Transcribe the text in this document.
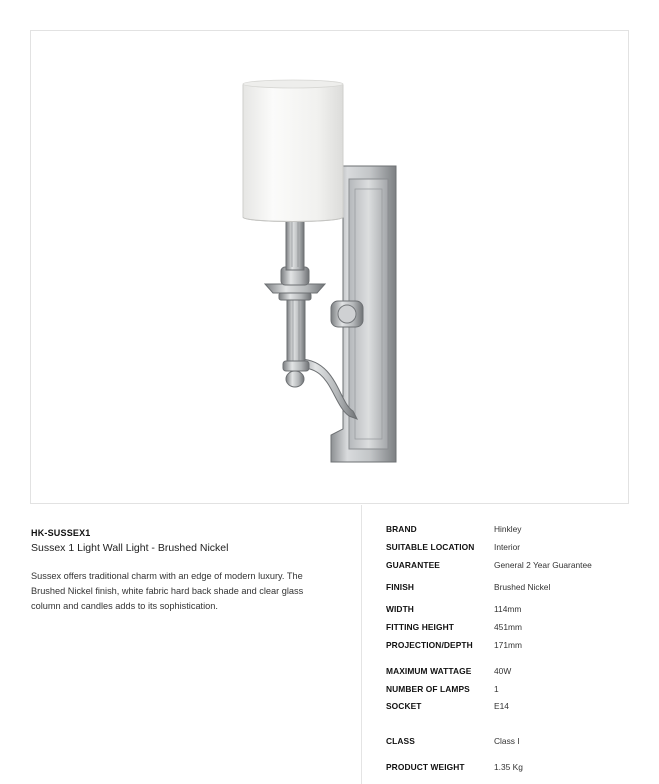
HK-SUSSEX1
Sussex 1 Light Wall Light - Brushed Nickel
Sussex offers traditional charm with an edge of modern luxury. The Brushed Nickel finish, white fabric hard back shade and clear glass column and candles adds to its sophistication.
BRAND	Hinkley
SUITABLE LOCATION Interior
GUARANTEE	General 2 Year Guarantee
FINISH	Brushed Nickel
WIDTH	114mm
FITTING HEIGHT	451mm
PROJECTION/DEPTH	171mm
MAXIMUM WATTAGE	40W
NUMBER OF LAMPS	1
SOCKET	E14
CLASS	Class I
PRODUCT WEIGHT	1.35 Kg
